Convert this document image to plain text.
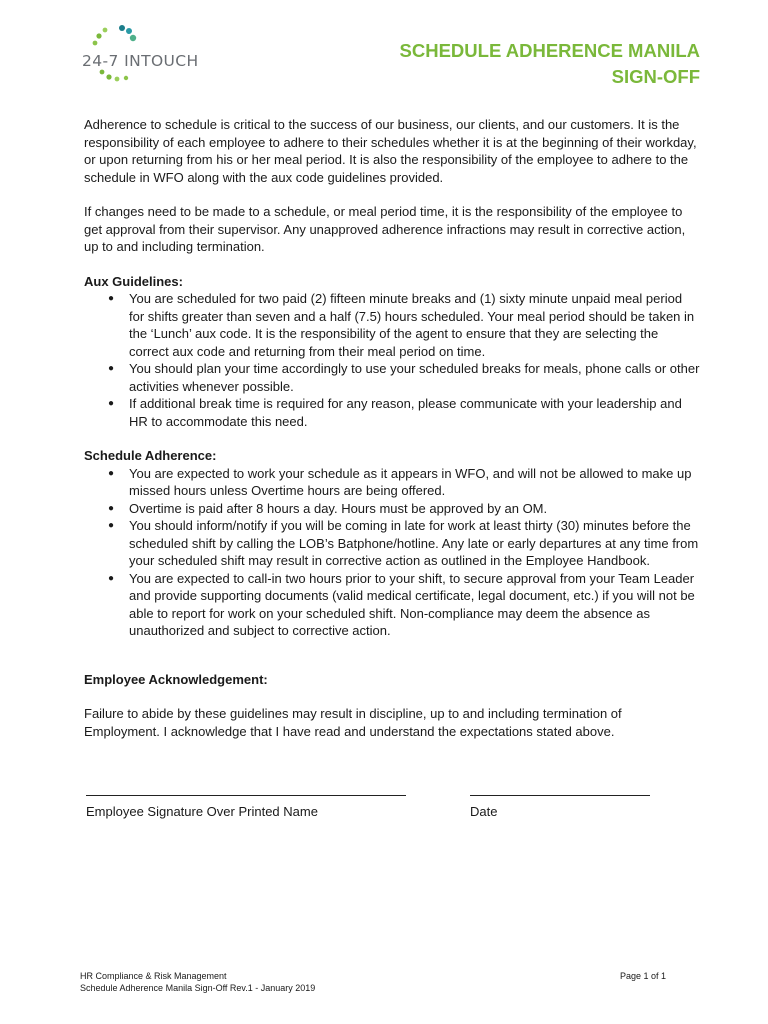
24-7 INTOUCH	SCHEDULE ADHERENCE MANILA
SIGN-OFF

Adherence to schedule is critical to the success of our business, our clients, and our customers. It is the responsibility of each employee to adhere to their schedules whether it is at the beginning of their workday, or upon returning from his or her meal period. It is also the responsibility of the employee to adhere to the schedule in WFO along with the aux code guidelines provided.

If changes need to be made to a schedule, or meal period time, it is the responsibility of the employee to get approval from their supervisor. Any unapproved adherence infractions may result in corrective action, up to and including termination.

Aux Guidelines:
● You are scheduled for two paid (2) fifteen minute breaks and (1) sixty minute unpaid meal period for shifts greater than seven and a half (7.5) hours scheduled. Your meal period should be taken in the ‘Lunch’ aux code. It is the responsibility of the agent to ensure that they are selecting the correct aux code and returning from their meal period on time.
● You should plan your time accordingly to use your scheduled breaks for meals, phone calls or other activities whenever possible.
● If additional break time is required for any reason, please communicate with your leadership and HR to accommodate this need.
Schedule Adherence:
● You are expected to work your schedule as it appears in WFO, and will not be allowed to make up missed hours unless Overtime hours are being offered.
● Overtime is paid after 8 hours a day. Hours must be approved by an OM.
● You should inform/notify if you will be coming in late for work at least thirty (30) minutes before the scheduled shift by calling the LOB’s Batphone/hotline. Any late or early departures at any time from your scheduled shift may result in corrective action as outlined in the Employee Handbook.
● You are expected to call-in two hours prior to your shift, to secure approval from your Team Leader and provide supporting documents (valid medical certificate, legal document, etc.) if you will not be able to report for work on your scheduled shift. Non-compliance may deem the absence as unauthorized and subject to corrective action.

Employee Acknowledgement:

Failure to abide by these guidelines may result in discipline, up to and including termination of Employment. I acknowledge that I have read and understand the expectations stated above.

Employee Signature Over Printed Name	Date
HR Compliance & Risk Management
Schedule Adherence Manila Sign-Off Rev.1 - January 2019
Page 1 of 1
